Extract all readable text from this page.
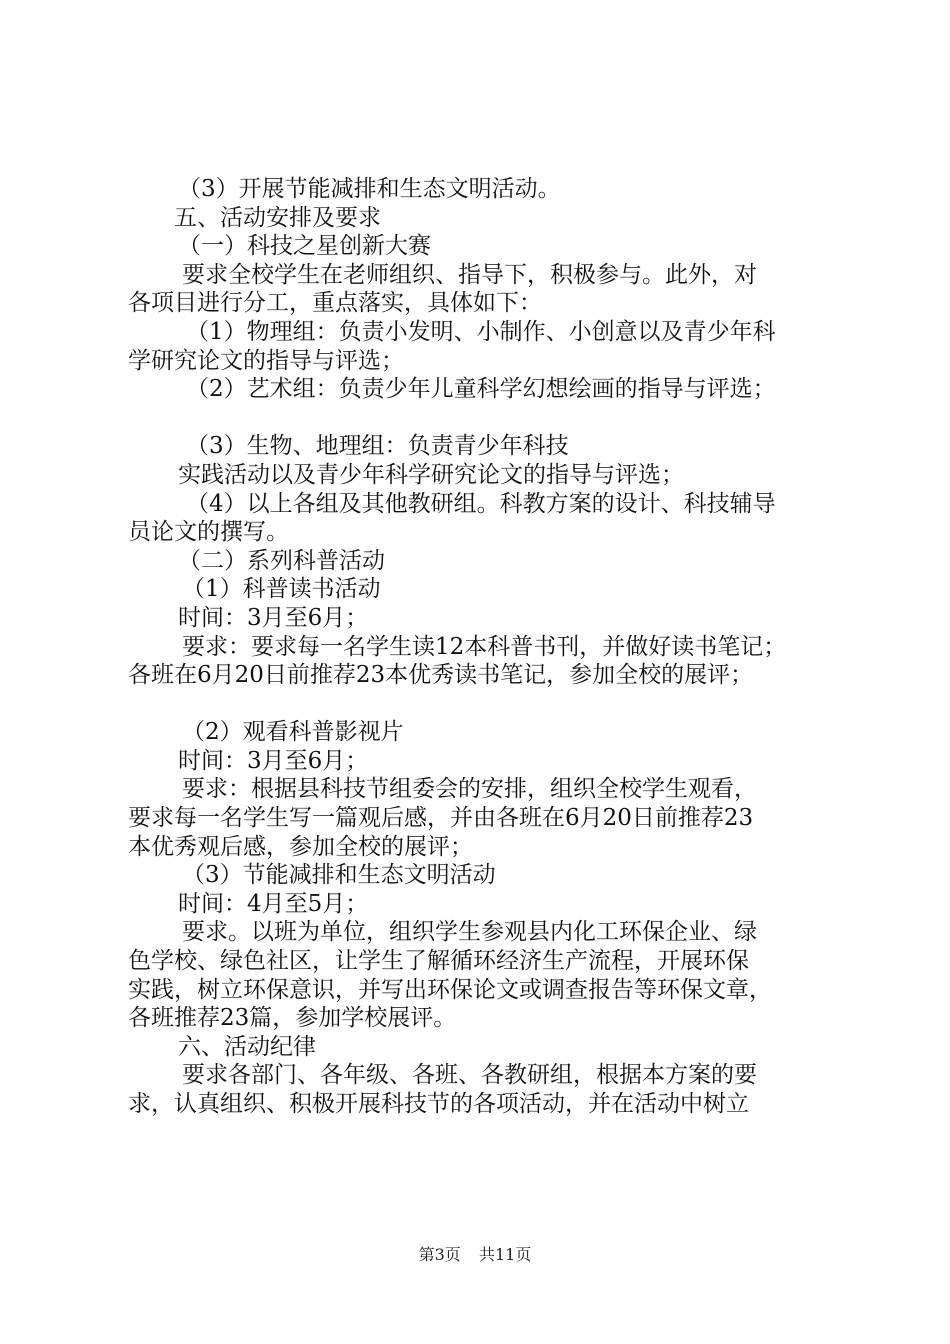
（3）开展节能减排和生态文明活动。
五、活动安排及要求
（一）科技之星创新大赛
要求全校学生在老师组织、指导下，积极参与。此外，对
各项目进行分工，重点落实，具体如下：
（1）物理组：负责小发明、小制作、小创意以及青少年科
学研究论文的指导与评选；
（2）艺术组：负责少年儿童科学幻想绘画的指导与评选；
（3）生物、地理组：负责青少年科技
实践活动以及青少年科学研究论文的指导与评选；
（4）以上各组及其他教研组。科教方案的设计、科技辅导
员论文的撰写。
（二）系列科普活动
（1）科普读书活动
时间：3月至6月；
要求：要求每一名学生读12本科普书刊，并做好读书笔记；
各班在6月20日前推荐23本优秀读书笔记，参加全校的展评；
（2）观看科普影视片
时间：3月至6月；
要求：根据县科技节组委会的安排，组织全校学生观看，
要求每一名学生写一篇观后感，并由各班在6月20日前推荐23
本优秀观后感，参加全校的展评；
（3）节能减排和生态文明活动
时间：4月至5月；
要求。以班为单位，组织学生参观县内化工环保企业、绿
色学校、绿色社区，让学生了解循环经济生产流程，开展环保
实践，树立环保意识，并写出环保论文或调查报告等环保文章，
各班推荐23篇，参加学校展评。
六、活动纪律
要求各部门、各年级、各班、各教研组，根据本方案的要
求，认真组织、积极开展科技节的各项活动，并在活动中树立
第3页 共11页
